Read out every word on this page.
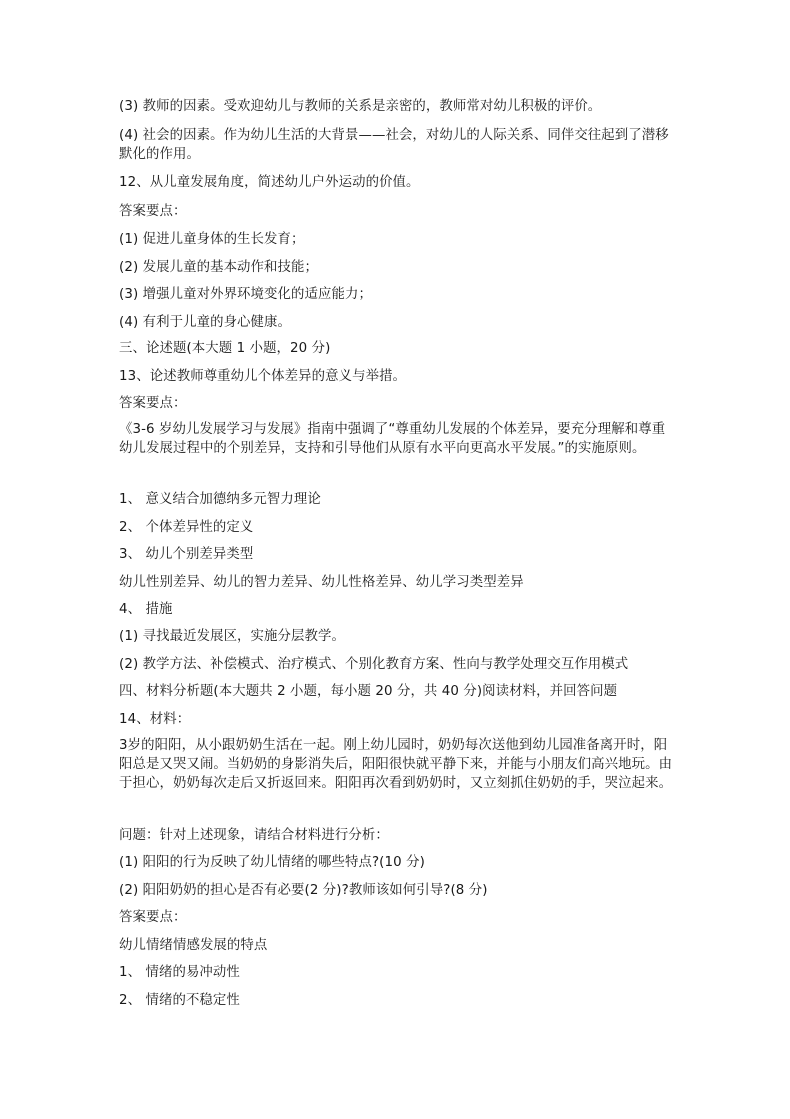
(3) 教师的因素。受欢迎幼儿与教师的关系是亲密的，教师常对幼儿积极的评价。
(4) 社会的因素。作为幼儿生活的大背景——社会，对幼儿的人际关系、同伴交往起到了潜移默化的作用。
12、从儿童发展角度，简述幼儿户外运动的价值。
答案要点：
(1) 促进儿童身体的生长发育；
(2) 发展儿童的基本动作和技能；
(3) 增强儿童对外界环境变化的适应能力；
(4) 有利于儿童的身心健康。
三、论述题(本大题 1 小题，20 分)
13、论述教师尊重幼儿个体差异的意义与举措。
答案要点：
《3-6 岁幼儿发展学习与发展》指南中强调了“尊重幼儿发展的个体差异，要充分理解和尊重幼儿发展过程中的个别差异，支持和引导他们从原有水平向更高水平发展。”的实施原则。
1、 意义结合加德纳多元智力理论
2、 个体差异性的定义
3、 幼儿个别差异类型
幼儿性别差异、幼儿的智力差异、幼儿性格差异、幼儿学习类型差异
4、 措施
(1) 寻找最近发展区，实施分层教学。
(2) 教学方法、补偿模式、治疗模式、个别化教育方案、性向与教学处理交互作用模式
四、材料分析题(本大题共 2 小题，每小题 20 分，共 40 分)阅读材料，并回答问题
14、材料：
3岁的阳阳，从小跟奶奶生活在一起。刚上幼儿园时，奶奶每次送他到幼儿园准备离开时，阳阳总是又哭又闹。当奶奶的身影消失后，阳阳很快就平静下来，并能与小朋友们高兴地玩。由于担心，奶奶每次走后又折返回来。阳阳再次看到奶奶时，又立刻抓住奶奶的手，哭泣起来。
问题：针对上述现象，请结合材料进行分析：
(1) 阳阳的行为反映了幼儿情绪的哪些特点?(10 分)
(2) 阳阳奶奶的担心是否有必要(2 分)?教师该如何引导?(8 分)
答案要点：
幼儿情绪情感发展的特点
1、 情绪的易冲动性
2、 情绪的不稳定性
